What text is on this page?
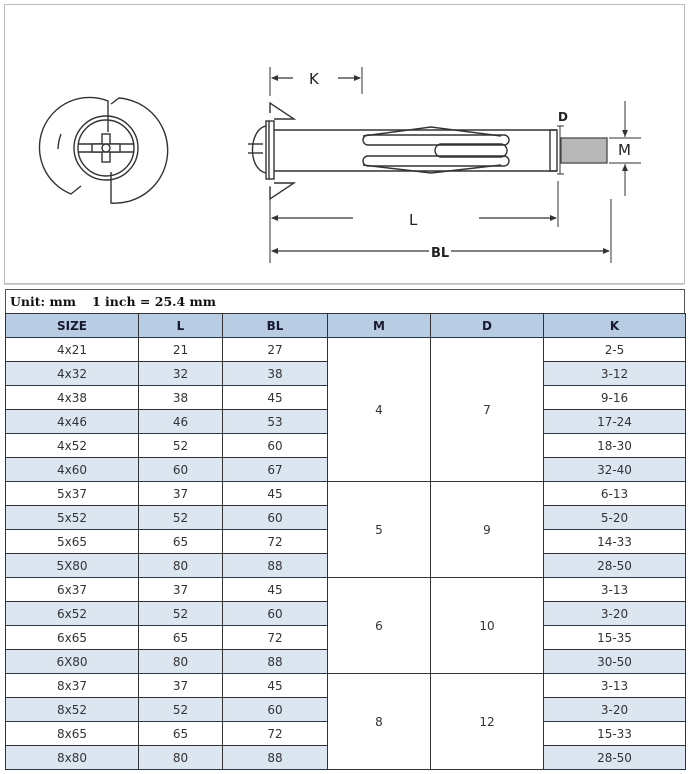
K
L
BL
D
M
Unit: mm 1 inch = 25.4 mm
SIZE	L	BL	M	D	K
4x21	21	27	4	7	2-5
4x32	32	38			3-12
4x38	38	45			9-16
4x46	46	53			17-24
4x52	52	60			18-30
4x60	60	67			32-40
5x37	37	45	5	9	6-13
5x52	52	60			5-20
5x65	65	72			14-33
5X80	80	88			28-50
6x37	37	45	6	10	3-13
6x52	52	60			3-20
6x65	65	72			15-35
6X80	80	88			30-50
8x37	37	45	8	12	3-13
8x52	52	60			3-20
8x65	65	72			15-33
8x80	80	88			28-50
